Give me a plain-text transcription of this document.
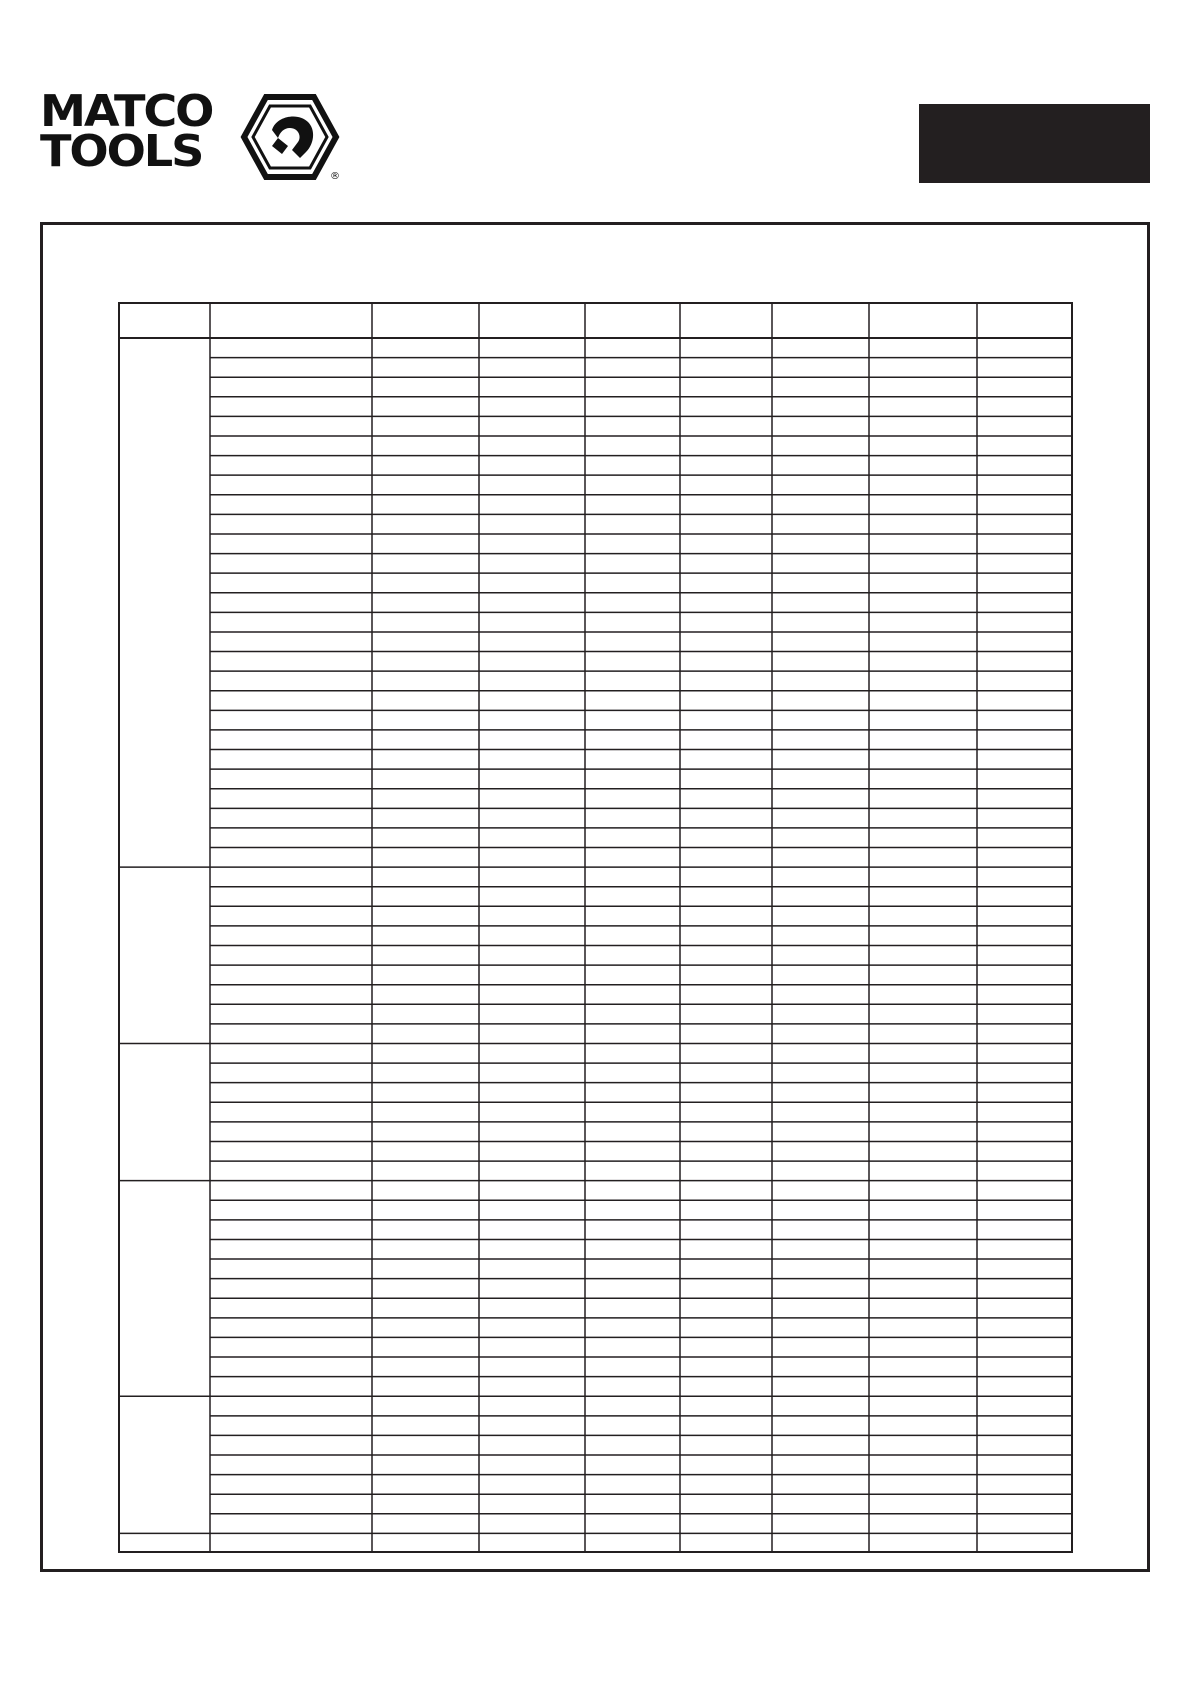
MATCO
TOOLS	®
